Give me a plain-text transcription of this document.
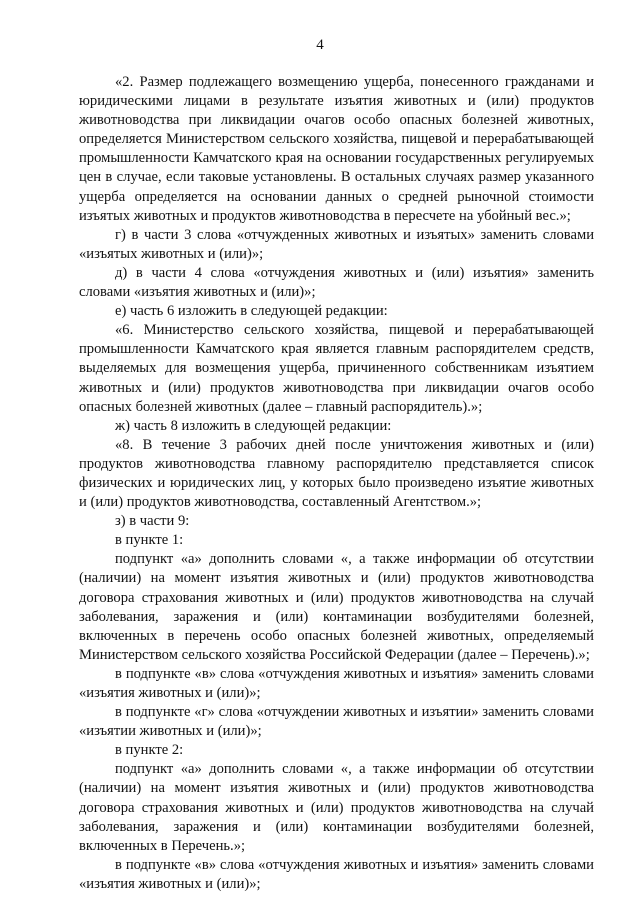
4

«2. Размер подлежащего возмещению ущерба, понесенного гражданами и юридическими лицами в результате изъятия животных и (или) продуктов животноводства при ликвидации очагов особо опасных болезней животных, определяется Министерством сельского хозяйства, пищевой и перерабатывающей промышленности Камчатского края на основании государственных регулируемых цен в случае, если таковые установлены. В остальных случаях размер указанного ущерба определяется на основании данных о средней рыночной стоимости изъятых животных и продуктов животноводства в пересчете на убойный вес.»;

г) в части 3 слова «отчужденных животных и изъятых» заменить словами «изъятых животных и (или)»;

д) в части 4 слова «отчуждения животных и (или) изъятия» заменить словами «изъятия животных и (или)»;

е) часть 6 изложить в следующей редакции:

«6. Министерство сельского хозяйства, пищевой и перерабатывающей промышленности Камчатского края является главным распорядителем средств, выделяемых для возмещения ущерба, причиненного собственникам изъятием животных и (или) продуктов животноводства при ликвидации очагов особо опасных болезней животных (далее – главный распорядитель).»;

ж) часть 8 изложить в следующей редакции:

«8. В течение 3 рабочих дней после уничтожения животных и (или) продуктов животноводства главному распорядителю представляется список физических и юридических лиц, у которых было произведено изъятие животных и (или) продуктов животноводства, составленный Агентством.»;

з) в части 9:

в пункте 1:

подпункт «а» дополнить словами «, а также информации об отсутствии (наличии) на момент изъятия животных и (или) продуктов животноводства договора страхования животных и (или) продуктов животноводства на случай заболевания, заражения и (или) контаминации возбудителями болезней, включенных в перечень особо опасных болезней животных, определяемый Министерством сельского хозяйства Российской Федерации (далее – Перечень).»;

в подпункте «в» слова «отчуждения животных и изъятия» заменить словами «изъятия животных и (или)»;

в подпункте «г» слова «отчуждении животных и изъятии» заменить словами «изъятии животных и (или)»;

в пункте 2:

подпункт «а» дополнить словами «, а также информации об отсутствии (наличии) на момент изъятия животных и (или) продуктов животноводства договора страхования животных и (или) продуктов животноводства на случай заболевания, заражения и (или) контаминации возбудителями болезней, включенных в Перечень.»;

в подпункте «в» слова «отчуждения животных и изъятия» заменить словами «изъятия животных и (или)»;
